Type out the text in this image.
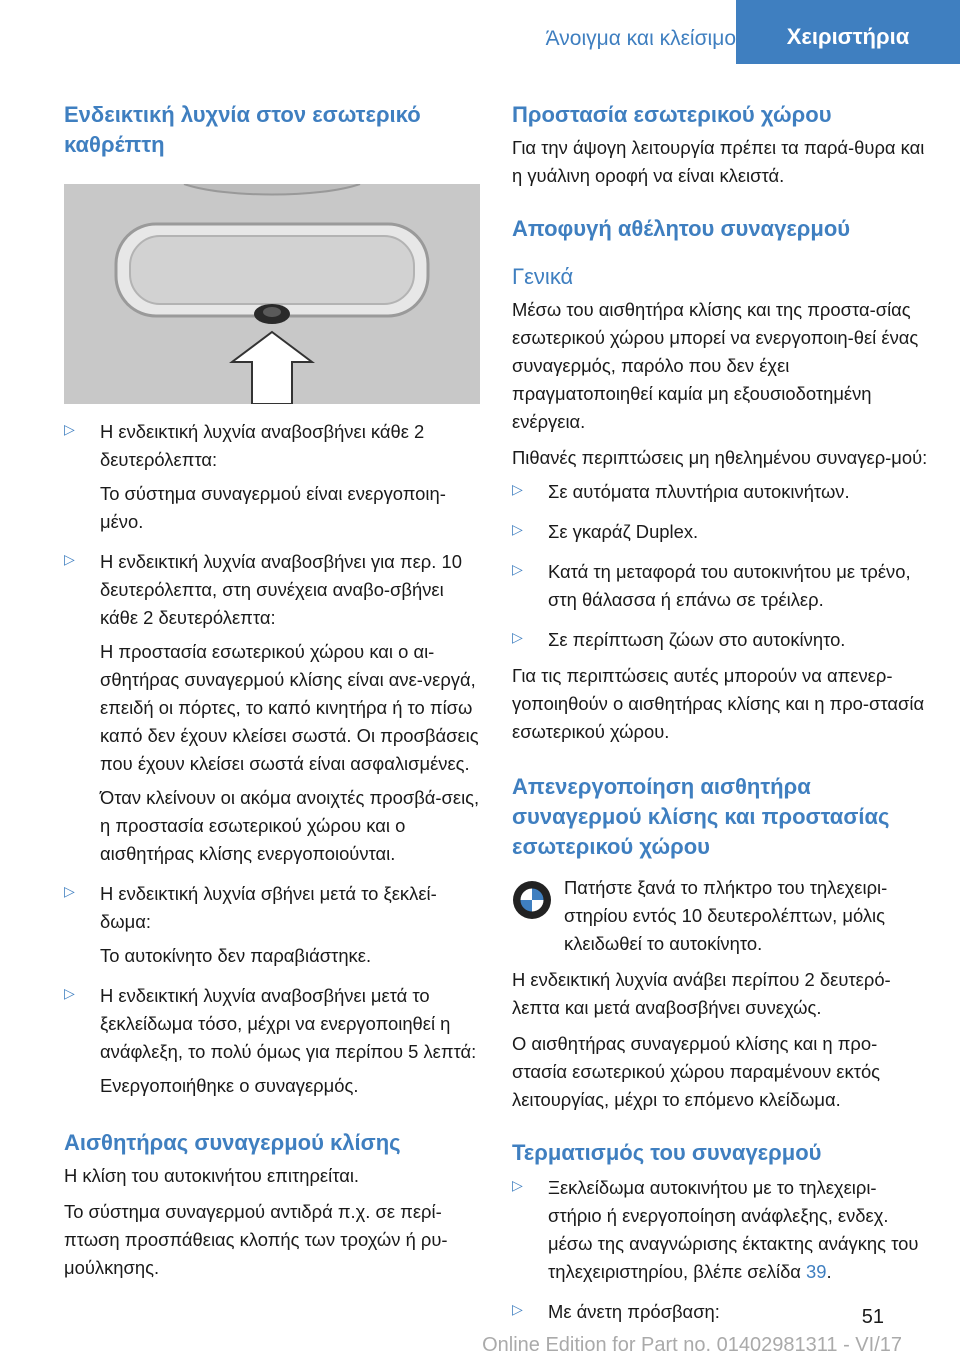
Άνοιγμα και κλείσιμο	Χειριστήρια
Ενδεικτική λυχνία στον εσωτερικό καθρέπτη
▷ Η ενδεικτική λυχνία αναβοσβήνει κάθε 2 δευτερόλεπτα:

Το σύστημα συναγερμού είναι ενεργοποιη-μένο.

▷ Η ενδεικτική λυχνία αναβοσβήνει για περ. 10 δευτερόλεπτα, στη συνέχεια αναβο-σβήνει κάθε 2 δευτερόλεπτα:

Η προστασία εσωτερικού χώρου και ο αι-σθητήρας συναγερμού κλίσης είναι ανε-νεργά, επειδή οι πόρτες, το καπό κινητήρα ή το πίσω καπό δεν έχουν κλείσει σωστά. Οι προσβάσεις που έχουν κλείσει σωστά είναι ασφαλισμένες.

Όταν κλείνουν οι ακόμα ανοιχτές προσβά-σεις, η προστασία εσωτερικού χώρου και ο αισθητήρας κλίσης ενεργοποιούνται.

▷ Η ενδεικτική λυχνία σβήνει μετά το ξεκλεί-δωμα:

Το αυτοκίνητο δεν παραβιάστηκε.

▷ Η ενδεικτική λυχνία αναβοσβήνει μετά το ξεκλείδωμα τόσο, μέχρι να ενεργοποιηθεί η ανάφλεξη, το πολύ όμως για περίπου 5 λεπτά:

Ενεργοποιήθηκε ο συναγερμός.

Αισθητήρας συναγερμού κλίσης

Η κλίση του αυτοκινήτου επιτηρείται.

Το σύστημα συναγερμού αντιδρά π.χ. σε περί-πτωση προσπάθειας κλοπής των τροχών ή ρυ-μούλκησης.

Προστασία εσωτερικού χώρου

Για την άψογη λειτουργία πρέπει τα παρά-θυρα και η γυάλινη οροφή να είναι κλειστά.

Αποφυγή αθέλητου συναγερμού
Γενικά

Μέσω του αισθητήρα κλίσης και της προστα-σίας εσωτερικού χώρου μπορεί να ενεργοποιη-θεί ένας συναγερμός, παρόλο που δεν έχει πραγματοποιηθεί καμία μη εξουσιοδοτημένη ενέργεια.

Πιθανές περιπτώσεις μη ηθελημένου συναγερ-μού:

▷ Σε αυτόματα πλυντήρια αυτοκινήτων.
▷ Σε γκαράζ Duplex.
▷ Κατά τη μεταφορά του αυτοκινήτου με τρένο, στη θάλασσα ή επάνω σε τρέιλερ.
▷ Σε περίπτωση ζώων στο αυτοκίνητο.

Για τις περιπτώσεις αυτές μπορούν να απενερ-γοποιηθούν ο αισθητήρας κλίσης και η προ-στασία εσωτερικού χώρου.

Απενεργοποίηση αισθητήρα συναγερμού κλίσης και προστασίας εσωτερικού χώρου

Πατήστε ξανά το πλήκτρο του τηλεχειρι-στηρίου εντός 10 δευτερολέπτων, μόλις κλειδωθεί το αυτοκίνητο.

Η ενδεικτική λυχνία ανάβει περίπου 2 δευτερό-λεπτα και μετά αναβοσβήνει συνεχώς.

Ο αισθητήρας συναγερμού κλίσης και η προ-στασία εσωτερικού χώρου παραμένουν εκτός λειτουργίας, μέχρι το επόμενο κλείδωμα.

Τερματισμός του συναγερμού
▷ Ξεκλείδωμα αυτοκινήτου με το τηλεχειρι-στήριο ή ενεργοποίηση ανάφλεξης, ενδεχ. μέσω της αναγνώρισης έκτακτης ανάγκης του τηλεχειριστηρίου, βλέπε σελίδα 39.
▷ Με άνετη πρόσβαση:	51
Online Edition for Part no. 01402981311 - VI/17
